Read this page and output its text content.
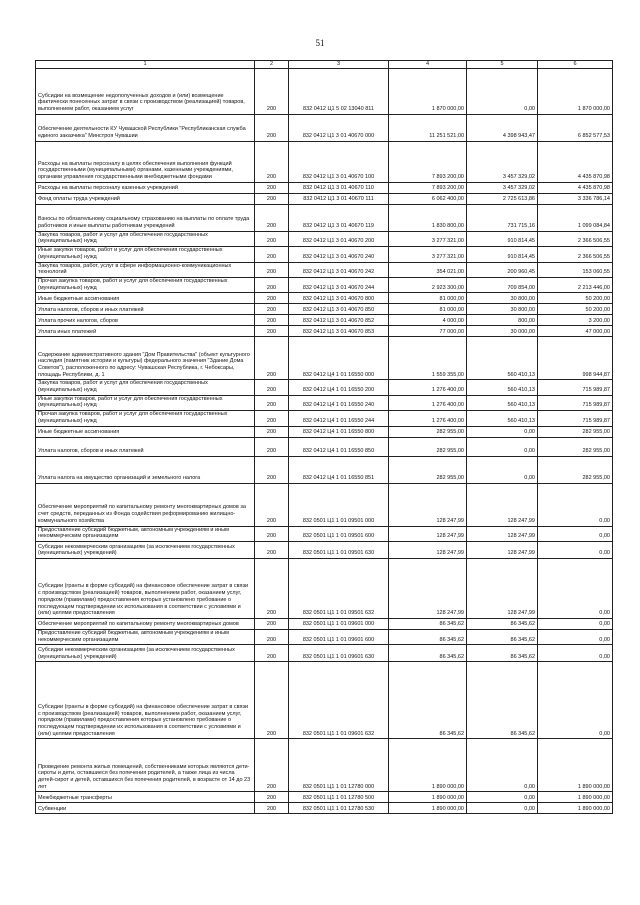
51
1	2	3	4	5	6
Субсидии на возмещение недополученных доходов и (или) возмещение фактически понесенных затрат в связи с производством (реализацией) товаров, выполнением работ, оказанием услуг	200	832 0412 Ц1 5 02 13040 811	1 870 000,00	0,00	1 870 000,00
Обеспечение деятельности КУ Чувашской Республики "Республиканская служба единого заказчика" Минстроя Чувашии	200	832 0412 Ц1 3 01 40670 000	11 251 521,00	4 398 943,47	6 852 577,53
Расходы на выплаты персоналу в целях обеспечения выполнения функций государственными (муниципальными) органами, казенными учреждениями, органами управления государственными внебюджетными фондами	200	832 0412 Ц1 3 01 40670 100	7 893 200,00	3 457 329,02	4 435 870,98
Расходы на выплаты персоналу казенных учреждений	200	832 0412 Ц1 3 01 40670 110	7 893 200,00	3 457 329,02	4 435 870,98
Фонд оплаты труда учреждений	200	832 0412 Ц1 3 01 40670 111	6 062 400,00	2 725 613,86	3 336 786,14
Взносы по обязательному социальному страхованию на выплаты по оплате труда работников и иные выплаты работникам учреждений	200	832 0412 Ц1 3 01 40670 119	1 830 800,00	731 715,16	1 099 084,84
Закупка товаров, работ и услуг для обеспечения государственных (муниципальных) нужд	200	832 0412 Ц1 3 01 40670 200	3 277 321,00	910 814,45	2 366 506,55
Иные закупки товаров, работ и услуг для обеспечения государственных (муниципальных) нужд	200	832 0412 Ц1 3 01 40670 240	3 277 321,00	910 814,45	2 366 506,55
Закупка товаров, работ, услуг в сфере информационно-коммуникационных технологий	200	832 0412 Ц1 3 01 40670 242	354 021,00	200 960,45	153 060,55
Прочая закупка товаров, работ и услуг для обеспечения государственных (муниципальных) нужд	200	832 0412 Ц1 3 01 40670 244	2 923 300,00	709 854,00	2 213 446,00
Иные бюджетные ассигнования	200	832 0412 Ц1 3 01 40670 800	81 000,00	30 800,00	50 200,00
Уплата налогов, сборов и иных платежей	200	832 0412 Ц1 3 01 40670 850	81 000,00	30 800,00	50 200,00
Уплата прочих налогов, сборов	200	832 0412 Ц1 3 01 40670 852	4 000,00	800,00	3 200,00
Уплата иных платежей	200	832 0412 Ц1 3 01 40670 853	77 000,00	30 000,00	47 000,00
Содержание административного здания "Дом Правительства" (объект культурного наследия (памятник истории и культуры) федерального значения "Здание Дома Советов"), расположенного по адресу: Чувашская Республика, г. Чебоксары, площадь Республики, д. 1	200	832 0412 Ц4 1 01 16550 000	1 559 355,00	560 410,13	998 944,87
Закупка товаров, работ и услуг для обеспечения государственных (муниципальных) нужд	200	832 0412 Ц4 1 01 16550 200	1 276 400,00	560 410,13	715 989,87
Иные закупки товаров, работ и услуг для обеспечения государственных (муниципальных) нужд	200	832 0412 Ц4 1 01 16550 240	1 276 400,00	560 410,13	715 989,87
Прочая закупка товаров, работ и услуг для обеспечения государственных (муниципальных) нужд	200	832 0412 Ц4 1 01 16550 244	1 276 400,00	560 410,13	715 989,87
Иные бюджетные ассигнования	200	832 0412 Ц4 1 01 16550 800	282 955,00	0,00	282 955,00
Уплата налогов, сборов и иных платежей	200	832 0412 Ц4 1 01 16550 850	282 955,00	0,00	282 955,00
Уплата налога на имущество организаций и земельного налога	200	832 0412 Ц4 1 01 16550 851	282 955,00	0,00	282 955,00
Обеспечение мероприятий по капитальному ремонту многоквартирных домов за счет средств, переданных из Фонда содействия реформированию жилищно-коммунального хозяйства	200	832 0501 Ц1 1 01 09501 000	128 247,99	128 247,99	0,00
Предоставление субсидий бюджетным, автономным учреждениям и иным некоммерческим организациям	200	832 0501 Ц1 1 01 09501 600	128 247,99	128 247,99	0,00
Субсидии некоммерческим организациям (за исключением государственных (муниципальных) учреждений)	200	832 0501 Ц1 1 01 09501 630	128 247,99	128 247,99	0,00
Субсидии (гранты в форме субсидий) на финансовое обеспечение затрат в связи с производством (реализацией) товаров, выполнением работ, оказанием услуг, порядком (правилами) предоставления которых установлено требование о последующем подтверждении их использования в соответствии с условиями и (или) целями предоставления	200	832 0501 Ц1 1 01 09501 632	128 247,99	128 247,99	0,00
Обеспечение мероприятий по капитальному ремонту многоквартирных домов	200	832 0501 Ц1 1 01 09601 000	86 345,62	86 345,62	0,00
Предоставление субсидий бюджетным, автономным учреждениям и иным некоммерческим организациям	200	832 0501 Ц1 1 01 09601 600	86 345,62	86 345,62	0,00
Субсидии некоммерческим организациям (за исключением государственных (муниципальных) учреждений)	200	832 0501 Ц1 1 01 09601 630	86 345,62	86 345,62	0,00
Субсидии (гранты в форме субсидий) на финансовое обеспечение затрат в связи с производством (реализацией) товаров, выполнением работ, оказанием услуг, порядком (правилами) предоставления которых установлено требование о последующем подтверждении их использования в соответствии с условиями и (или) целями предоставления	200	832 0501 Ц1 1 01 09601 632	86 345,62	86 345,62	0,00
Проведение ремонта жилых помещений, собственниками которых являются дети-сироты и дети, оставшиеся без попечения родителей, а также лица из числа детей-сирот и детей, оставшихся без попечения родителей, в возрасте от 14 до 23 лет	200	832 0501 Ц1 1 01 12780 000	1 890 000,00	0,00	1 890 000,00
Межбюджетные трансферты	200	832 0501 Ц1 1 01 12780 500	1 890 000,00	0,00	1 890 000,00
Субвенции	200	832 0501 Ц1 1 01 12780 530	1 890 000,00	0,00	1 890 000,00
